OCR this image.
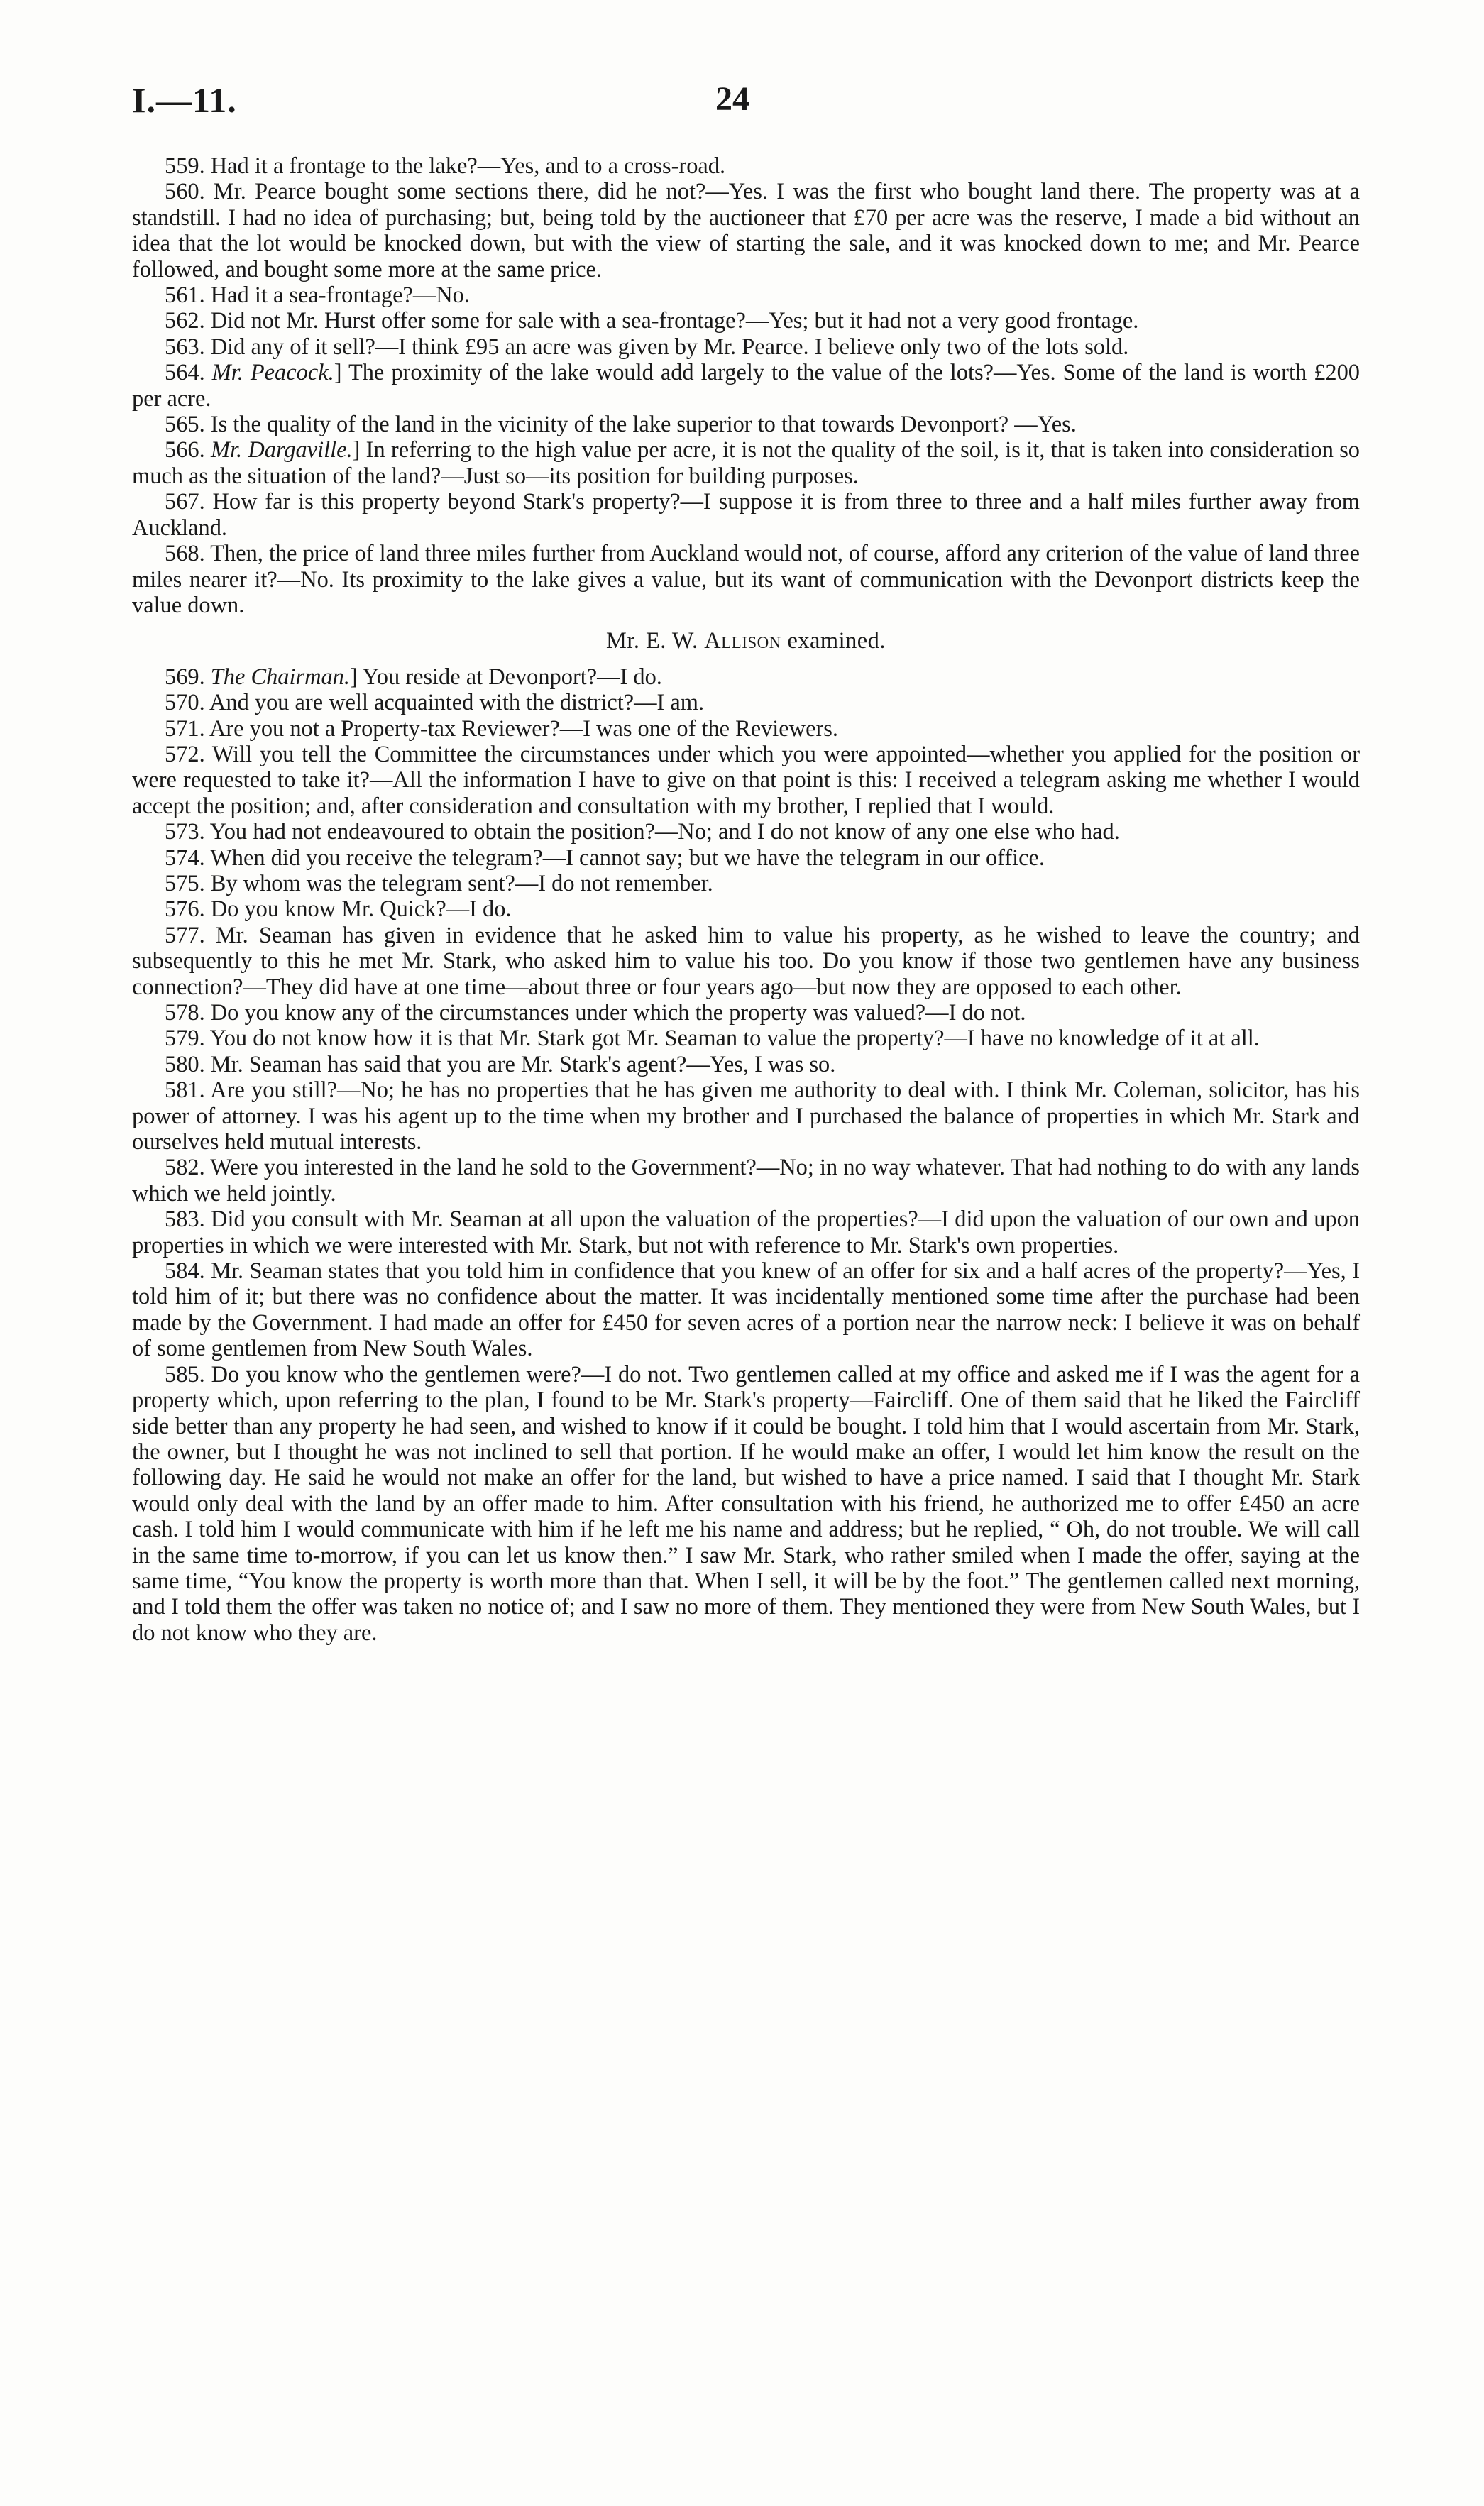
I.—11.	24

559. Had it a frontage to the lake?—Yes, and to a cross-road.

560. Mr. Pearce bought some sections there, did he not?—Yes. I was the first who bought land there. The property was at a standstill. I had no idea of purchasing; but, being told by the auctioneer that £70 per acre was the reserve, I made a bid without an idea that the lot would be knocked down, but with the view of starting the sale, and it was knocked down to me; and Mr. Pearce followed, and bought some more at the same price.

561. Had it a sea-frontage?—No.

562. Did not Mr. Hurst offer some for sale with a sea-frontage?—Yes; but it had not a very good frontage.

563. Did any of it sell?—I think £95 an acre was given by Mr. Pearce. I believe only two of the lots sold.

564. Mr. Peacock.] The proximity of the lake would add largely to the value of the lots?—Yes. Some of the land is worth £200 per acre.

565. Is the quality of the land in the vicinity of the lake superior to that towards Devonport? —Yes.

566. Mr. Dargaville.] In referring to the high value per acre, it is not the quality of the soil, is it, that is taken into consideration so much as the situation of the land?—Just so—its position for building purposes.

567. How far is this property beyond Stark's property?—I suppose it is from three to three and a half miles further away from Auckland.

568. Then, the price of land three miles further from Auckland would not, of course, afford any criterion of the value of land three miles nearer it?—No. Its proximity to the lake gives a value, but its want of communication with the Devonport districts keep the value down.

Mr. E. W. Allison examined.

569. The Chairman.] You reside at Devonport?—I do.

570. And you are well acquainted with the district?—I am.

571. Are you not a Property-tax Reviewer?—I was one of the Reviewers.

572. Will you tell the Committee the circumstances under which you were appointed—whether you applied for the position or were requested to take it?—All the information I have to give on that point is this: I received a telegram asking me whether I would accept the position; and, after consideration and consultation with my brother, I replied that I would.

573. You had not endeavoured to obtain the position?—No; and I do not know of any one else who had.

574. When did you receive the telegram?—I cannot say; but we have the telegram in our office.

575. By whom was the telegram sent?—I do not remember.

576. Do you know Mr. Quick?—I do.

577. Mr. Seaman has given in evidence that he asked him to value his property, as he wished to leave the country; and subsequently to this he met Mr. Stark, who asked him to value his too. Do you know if those two gentlemen have any business connection?—They did have at one time—about three or four years ago—but now they are opposed to each other.

578. Do you know any of the circumstances under which the property was valued?—I do not.

579. You do not know how it is that Mr. Stark got Mr. Seaman to value the property?—I have no knowledge of it at all.

580. Mr. Seaman has said that you are Mr. Stark's agent?—Yes, I was so.

581. Are you still?—No; he has no properties that he has given me authority to deal with. I think Mr. Coleman, solicitor, has his power of attorney. I was his agent up to the time when my brother and I purchased the balance of properties in which Mr. Stark and ourselves held mutual interests.

582. Were you interested in the land he sold to the Government?—No; in no way whatever. That had nothing to do with any lands which we held jointly.

583. Did you consult with Mr. Seaman at all upon the valuation of the properties?—I did upon the valuation of our own and upon properties in which we were interested with Mr. Stark, but not with reference to Mr. Stark's own properties.

584. Mr. Seaman states that you told him in confidence that you knew of an offer for six and a half acres of the property?—Yes, I told him of it; but there was no confidence about the matter. It was incidentally mentioned some time after the purchase had been made by the Government. I had made an offer for £450 for seven acres of a portion near the narrow neck: I believe it was on behalf of some gentlemen from New South Wales.

585. Do you know who the gentlemen were?—I do not. Two gentlemen called at my office and asked me if I was the agent for a property which, upon referring to the plan, I found to be Mr. Stark's property—Faircliff. One of them said that he liked the Faircliff side better than any property he had seen, and wished to know if it could be bought. I told him that I would ascertain from Mr. Stark, the owner, but I thought he was not inclined to sell that portion. If he would make an offer, I would let him know the result on the following day. He said he would not make an offer for the land, but wished to have a price named. I said that I thought Mr. Stark would only deal with the land by an offer made to him. After consultation with his friend, he authorized me to offer £450 an acre cash. I told him I would communicate with him if he left me his name and address; but he replied, “ Oh, do not trouble. We will call in the same time to-morrow, if you can let us know then.” I saw Mr. Stark, who rather smiled when I made the offer, saying at the same time, “You know the property is worth more than that. When I sell, it will be by the foot.” The gentlemen called next morning, and I told them the offer was taken no notice of; and I saw no more of them. They mentioned they were from New South Wales, but I do not know who they are.
